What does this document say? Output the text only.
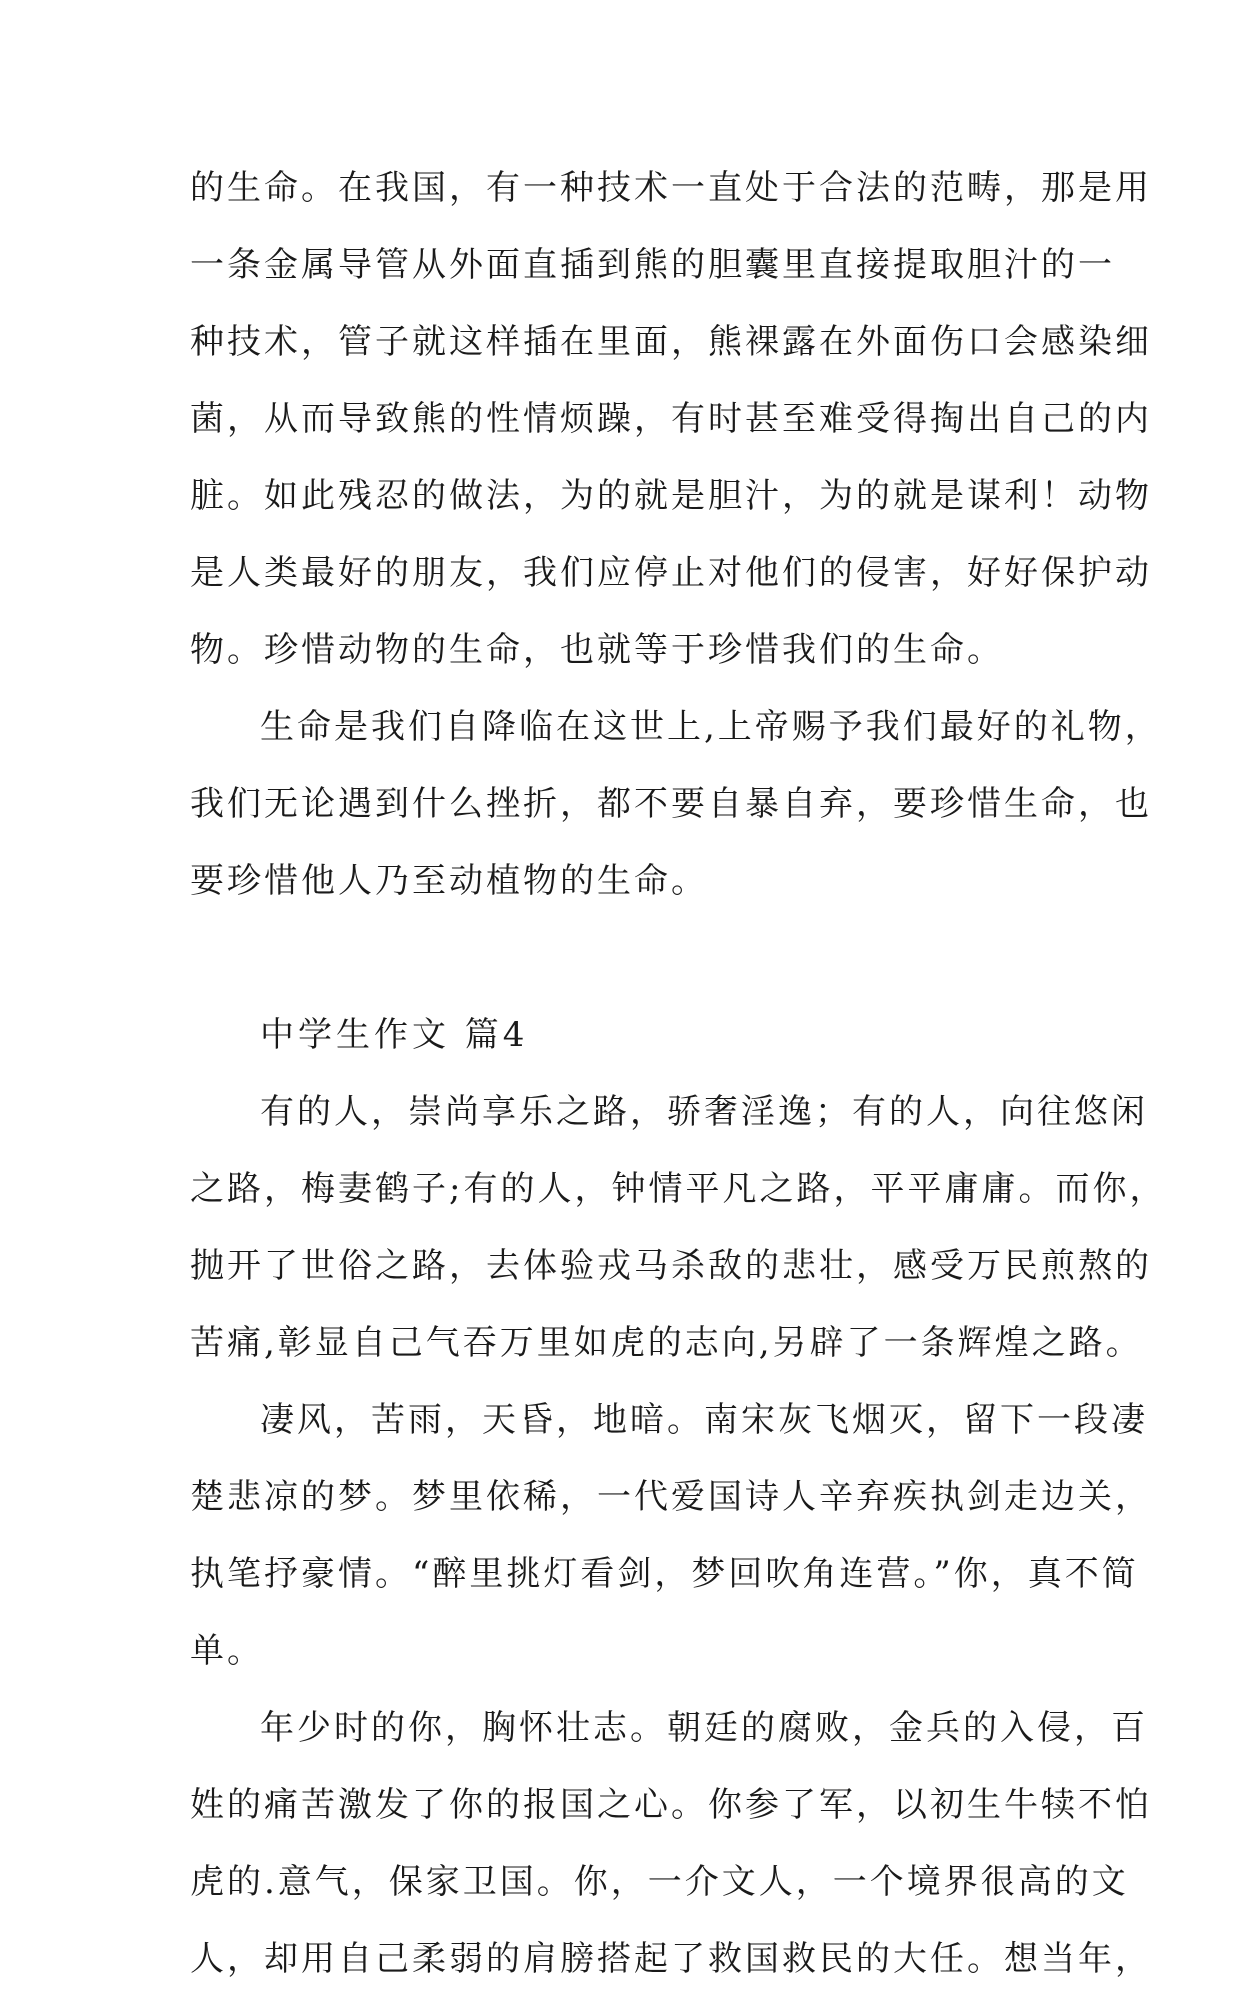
的生命。在我国，有一种技术一直处于合法的范畴，那是用
一条金属导管从外面直插到熊的胆囊里直接提取胆汁的一
种技术，管子就这样插在里面，熊裸露在外面伤口会感染细
菌，从而导致熊的性情烦躁，有时甚至难受得掏出自己的内
脏。如此残忍的做法，为的就是胆汁，为的就是谋利！动物
是人类最好的朋友，我们应停止对他们的侵害，好好保护动
物。珍惜动物的生命，也就等于珍惜我们的生命。
生命是我们自降临在这世上,上帝赐予我们最好的礼物，
我们无论遇到什么挫折，都不要自暴自弃，要珍惜生命，也
要珍惜他人乃至动植物的生命。
中学生作文 篇4
有的人，崇尚享乐之路，骄奢淫逸；有的人，向往悠闲
之路，梅妻鹤子;有的人，钟情平凡之路，平平庸庸。而你，
抛开了世俗之路，去体验戎马杀敌的悲壮，感受万民煎熬的
苦痛,彰显自己气吞万里如虎的志向,另辟了一条辉煌之路。
凄风，苦雨，天昏，地暗。南宋灰飞烟灭，留下一段凄
楚悲凉的梦。梦里依稀，一代爱国诗人辛弃疾执剑走边关，
执笔抒豪情。“醉里挑灯看剑，梦回吹角连营。”你，真不简
单。
年少时的你，胸怀壮志。朝廷的腐败，金兵的入侵，百
姓的痛苦激发了你的报国之心。你参了军，以初生牛犊不怕
虎的.意气，保家卫国。你，一介文人，一个境界很高的文
人，却用自己柔弱的肩膀搭起了救国救民的大任。想当年，
